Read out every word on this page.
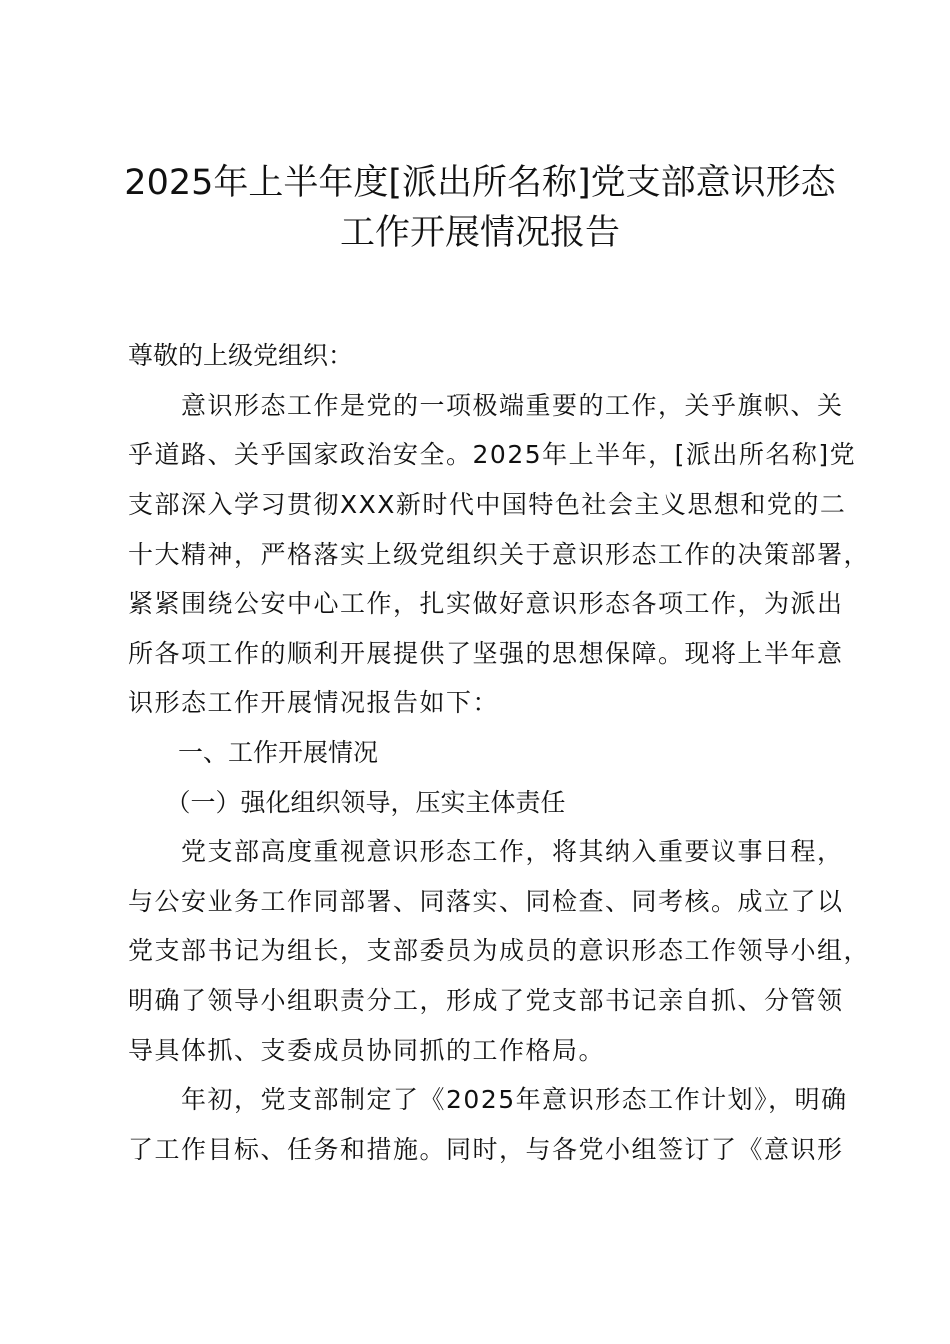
2025年上半年度[派出所名称]党支部意识形态
工作开展情况报告
尊敬的上级党组织：
　　意识形态工作是党的一项极端重要的工作，关乎旗帜、关
乎道路、关乎国家政治安全。2025年上半年，[派出所名称]党
支部深入学习贯彻XXX新时代中国特色社会主义思想和党的二
十大精神，严格落实上级党组织关于意识形态工作的决策部署，
紧紧围绕公安中心工作，扎实做好意识形态各项工作，为派出
所各项工作的顺利开展提供了坚强的思想保障。现将上半年意
识形态工作开展情况报告如下：
　　一、工作开展情况
　　（一）强化组织领导，压实主体责任
　　党支部高度重视意识形态工作，将其纳入重要议事日程，
与公安业务工作同部署、同落实、同检查、同考核。成立了以
党支部书记为组长，支部委员为成员的意识形态工作领导小组，
明确了领导小组职责分工，形成了党支部书记亲自抓、分管领
导具体抓、支委成员协同抓的工作格局。
　　年初，党支部制定了《2025年意识形态工作计划》，明确
了工作目标、任务和措施。同时，与各党小组签订了《意识形
